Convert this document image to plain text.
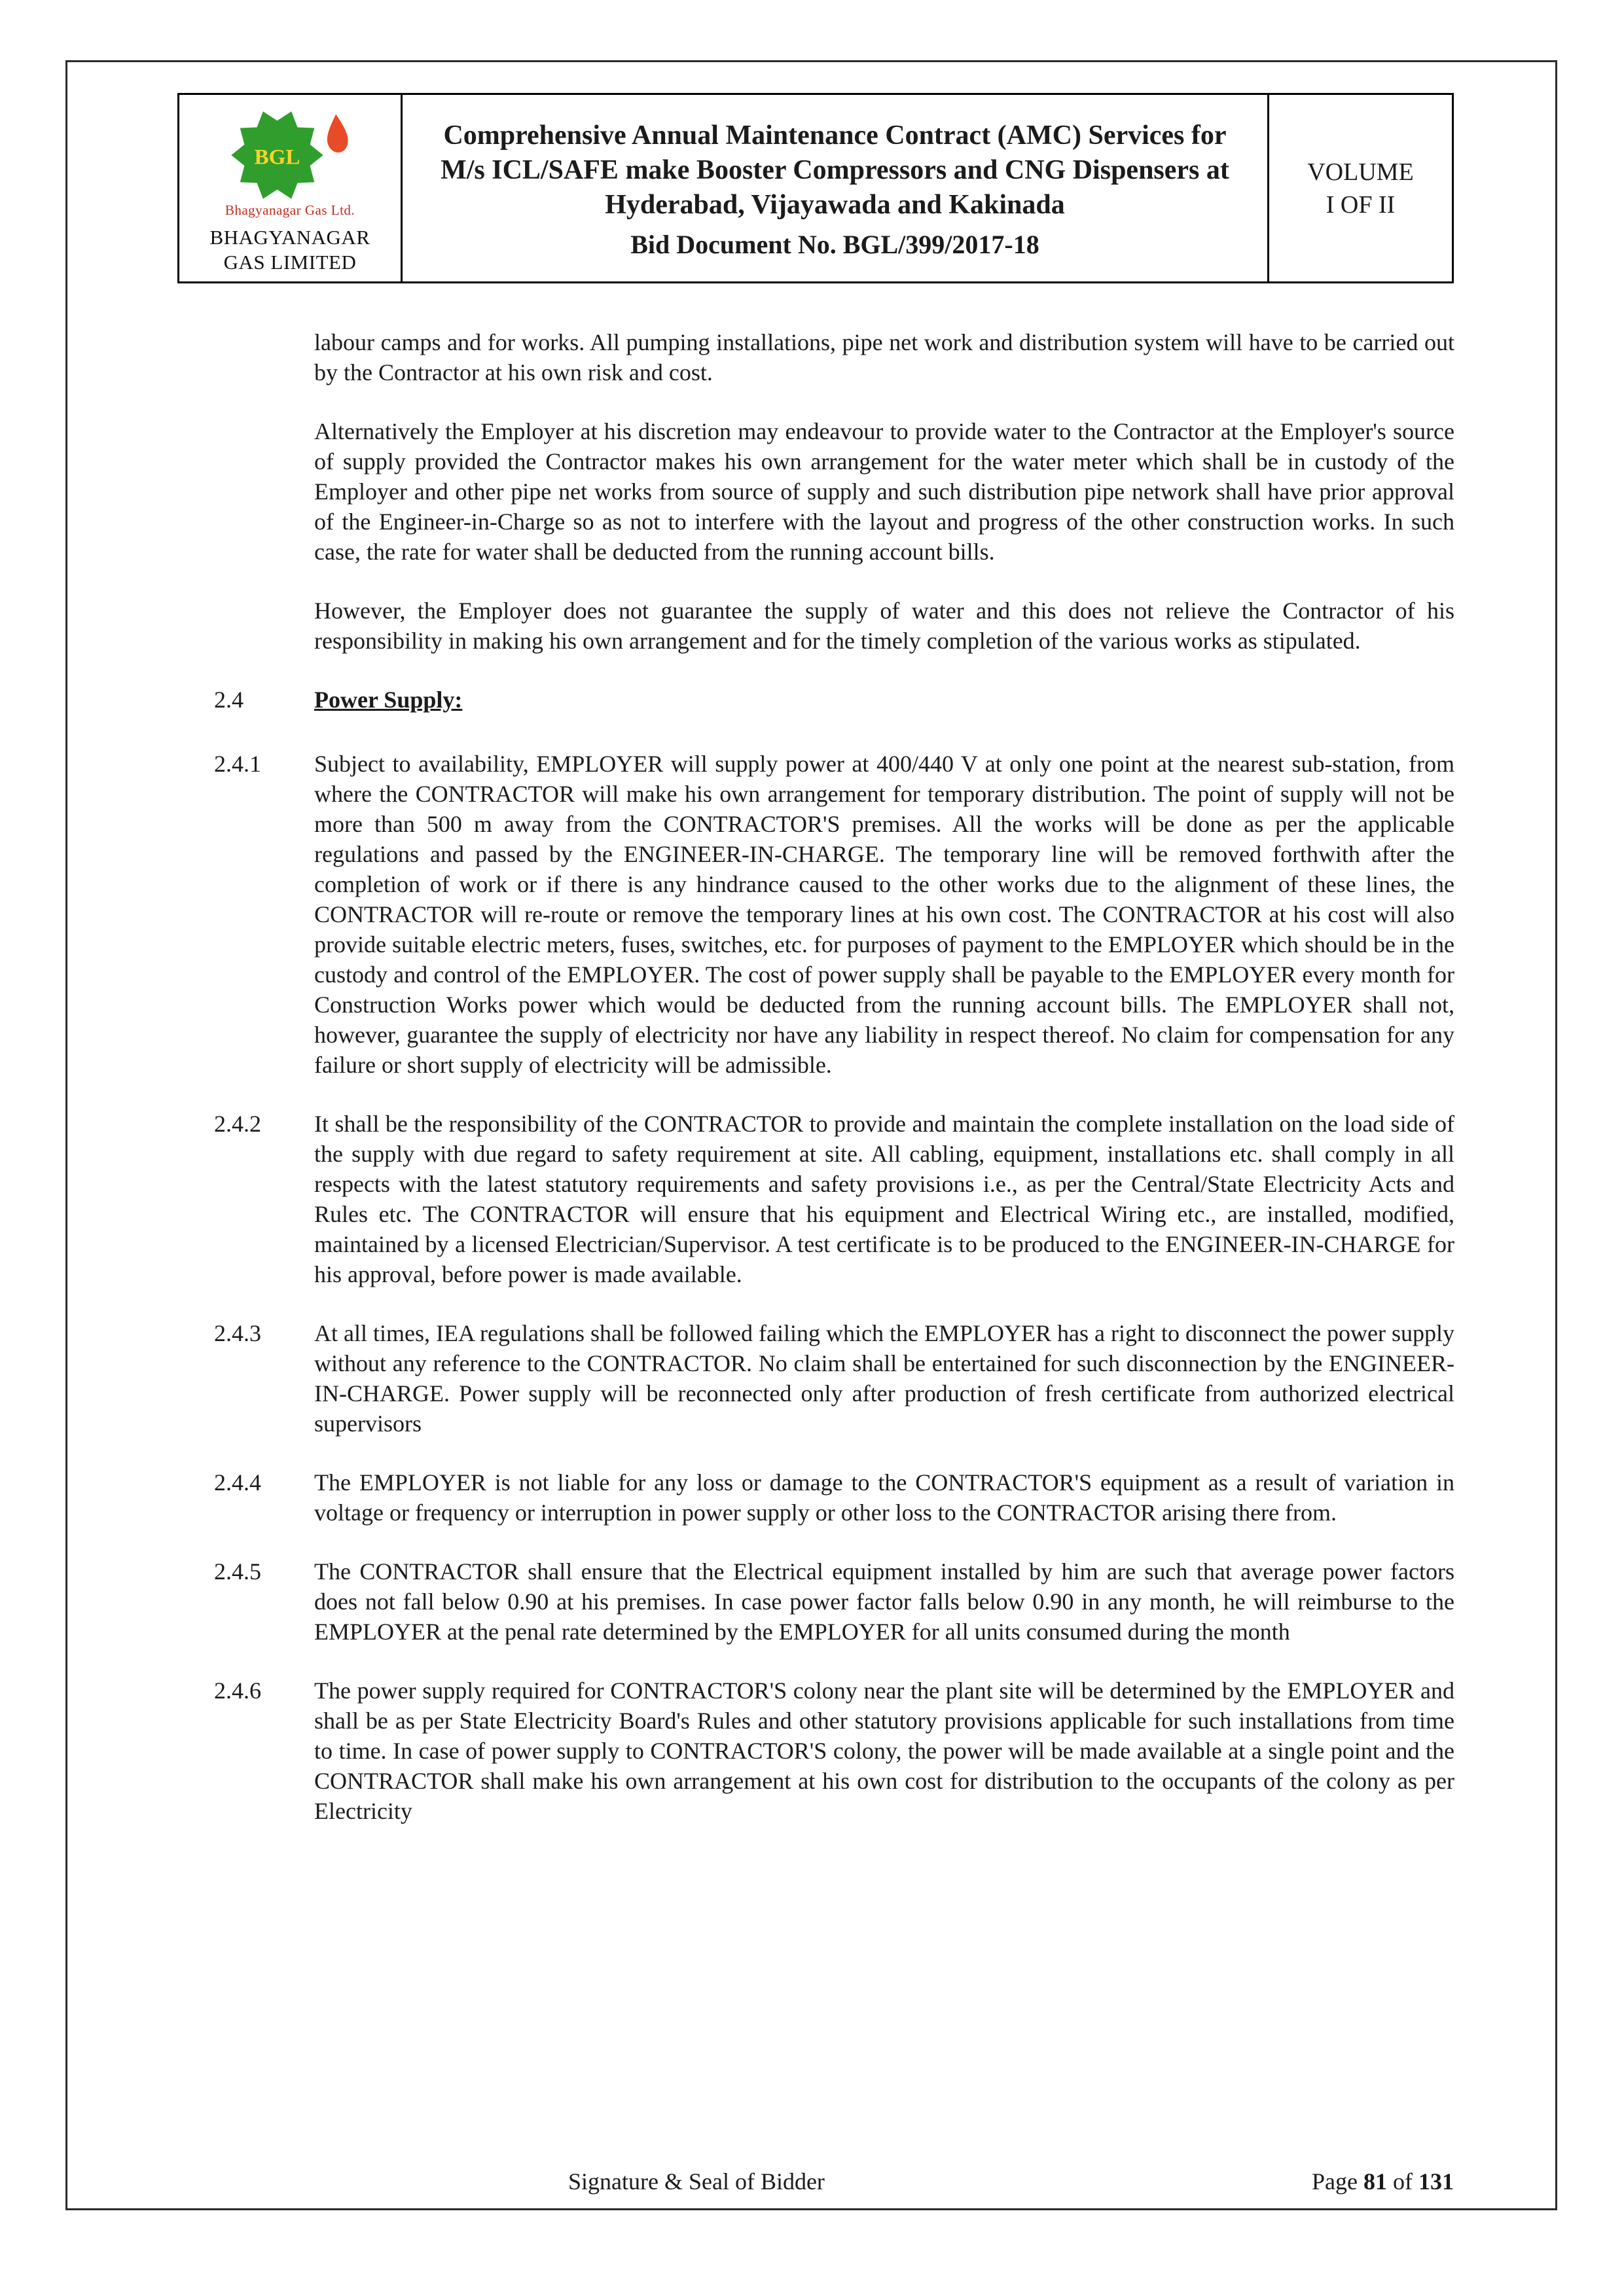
BGL
Bhagyanagar Gas Ltd.
BHAGYANAGAR
GAS LIMITED
Comprehensive Annual Maintenance Contract (AMC) Services for M/s ICL/SAFE make Booster Compressors and CNG Dispensers at Hyderabad, Vijayawada and Kakinada
Bid Document No. BGL/399/2017-18
VOLUME
I OF II
labour camps and for works. All pumping installations, pipe net work and distribution system will have to be carried out by the Contractor at his own risk and cost.
Alternatively the Employer at his discretion may endeavour to provide water to the Contractor at the Employer's source of supply provided the Contractor makes his own arrangement for the water meter which shall be in custody of the Employer and other pipe net works from source of supply and such distribution pipe network shall have prior approval of the Engineer-in-Charge so as not to interfere with the layout and progress of the other construction works. In such case, the rate for water shall be deducted from the running account bills.
However, the Employer does not guarantee the supply of water and this does not relieve the Contractor of his responsibility in making his own arrangement and for the timely completion of the various works as stipulated.
2.4	Power Supply:
2.4.1	Subject to availability, EMPLOYER will supply power at 400/440 V at only one point at the nearest sub-station, from where the CONTRACTOR will make his own arrangement for temporary distribution. The point of supply will not be more than 500 m away from the CONTRACTOR'S premises. All the works will be done as per the applicable regulations and passed by the ENGINEER-IN-CHARGE. The temporary line will be removed forthwith after the completion of work or if there is any hindrance caused to the other works due to the alignment of these lines, the CONTRACTOR will re-route or remove the temporary lines at his own cost. The CONTRACTOR at his cost will also provide suitable electric meters, fuses, switches, etc. for purposes of payment to the EMPLOYER which should be in the custody and control of the EMPLOYER. The cost of power supply shall be payable to the EMPLOYER every month for Construction Works power which would be deducted from the running account bills. The EMPLOYER shall not, however, guarantee the supply of electricity nor have any liability in respect thereof. No claim for compensation for any failure or short supply of electricity will be admissible.
2.4.2	It shall be the responsibility of the CONTRACTOR to provide and maintain the complete installation on the load side of the supply with due regard to safety requirement at site. All cabling, equipment, installations etc. shall comply in all respects with the latest statutory requirements and safety provisions i.e., as per the Central/State Electricity Acts and Rules etc. The CONTRACTOR will ensure that his equipment and Electrical Wiring etc., are installed, modified, maintained by a licensed Electrician/Supervisor. A test certificate is to be produced to the ENGINEER-IN-CHARGE for his approval, before power is made available.
2.4.3	At all times, IEA regulations shall be followed failing which the EMPLOYER has a right to disconnect the power supply without any reference to the CONTRACTOR. No claim shall be entertained for such disconnection by the ENGINEER-IN-CHARGE. Power supply will be reconnected only after production of fresh certificate from authorized electrical supervisors
2.4.4	The EMPLOYER is not liable for any loss or damage to the CONTRACTOR'S equipment as a result of variation in voltage or frequency or interruption in power supply or other loss to the CONTRACTOR arising there from.
2.4.5	The CONTRACTOR shall ensure that the Electrical equipment installed by him are such that average power factors does not fall below 0.90 at his premises. In case power factor falls below 0.90 in any month, he will reimburse to the EMPLOYER at the penal rate determined by the EMPLOYER for all units consumed during the month
2.4.6	The power supply required for CONTRACTOR'S colony near the plant site will be determined by the EMPLOYER and shall be as per State Electricity Board's Rules and other statutory provisions applicable for such installations from time to time. In case of power supply to CONTRACTOR'S colony, the power will be made available at a single point and the CONTRACTOR shall make his own arrangement at his own cost for distribution to the occupants of the colony as per Electricity
Signature & Seal of Bidder	Page 81 of 131
